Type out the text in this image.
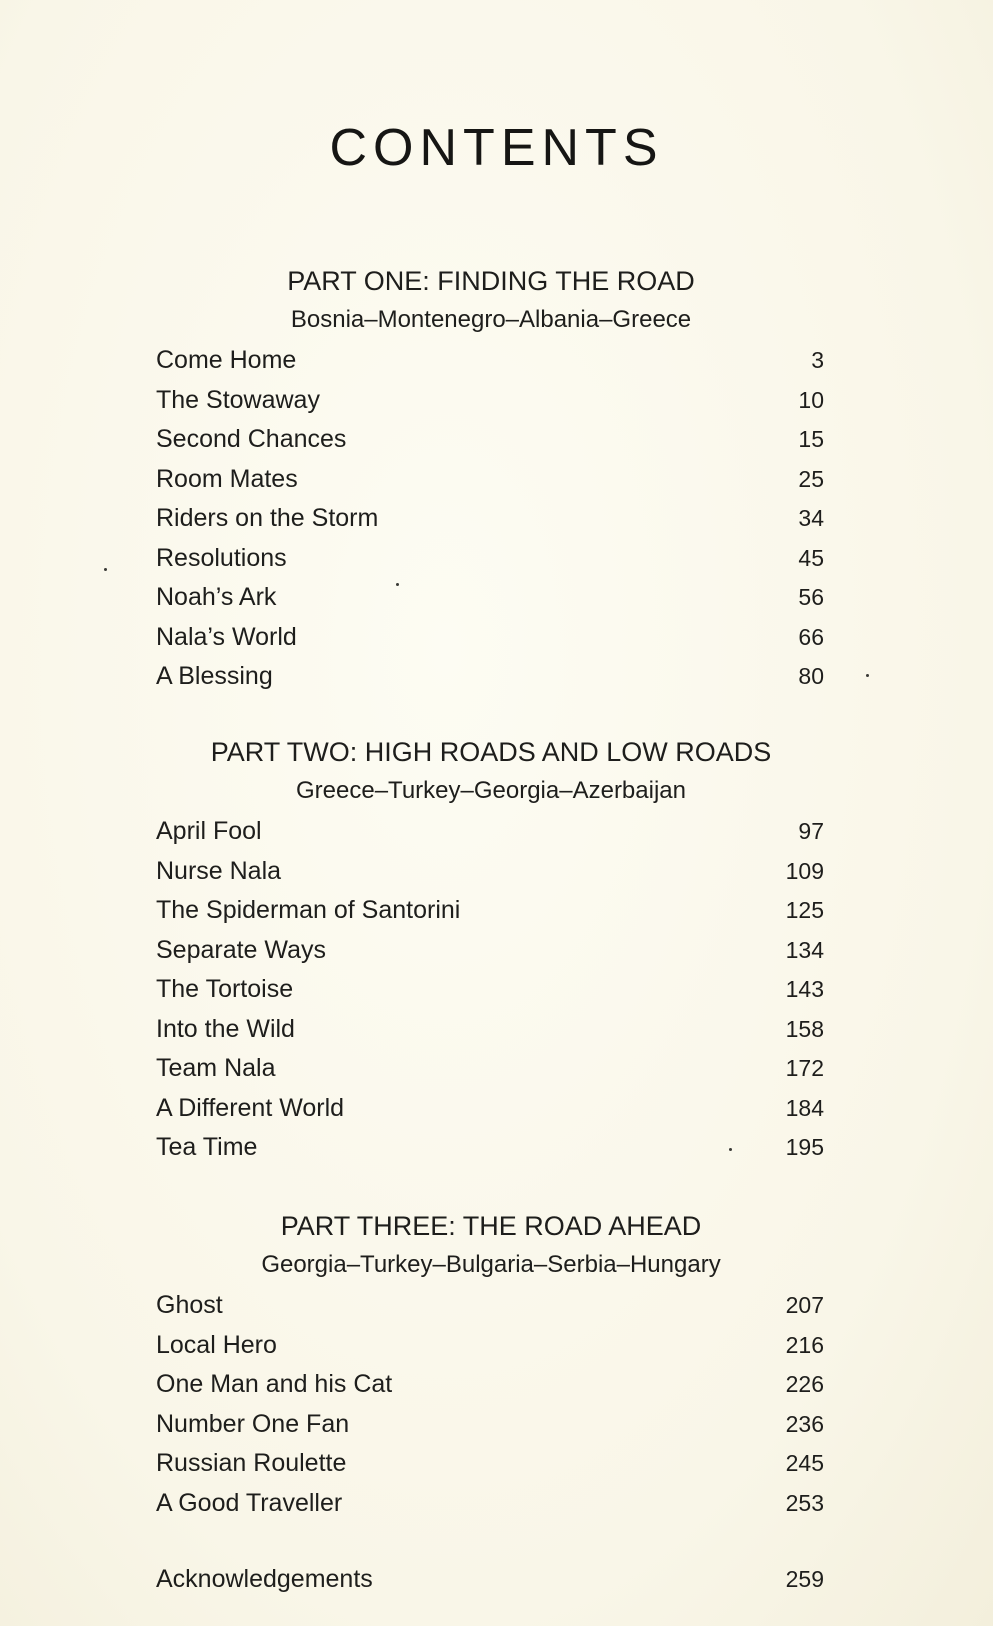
CONTENTS
PART ONE: FINDING THE ROAD
Bosnia–Montenegro–Albania–Greece
Come Home	3
The Stowaway	10
Second Chances	15
Room Mates	25
Riders on the Storm	34
Resolutions	45
Noah’s Ark	56
Nala’s World	66
A Blessing	80
PART TWO: HIGH ROADS AND LOW ROADS
Greece–Turkey–Georgia–Azerbaijan
April Fool	97
Nurse Nala	109
The Spiderman of Santorini	125
Separate Ways	134
The Tortoise	143
Into the Wild	158
Team Nala	172
A Different World	184
Tea Time	195
PART THREE: THE ROAD AHEAD
Georgia–Turkey–Bulgaria–Serbia–Hungary
Ghost	207
Local Hero	216
One Man and his Cat	226
Number One Fan	236
Russian Roulette	245
A Good Traveller	253
Acknowledgements	259
